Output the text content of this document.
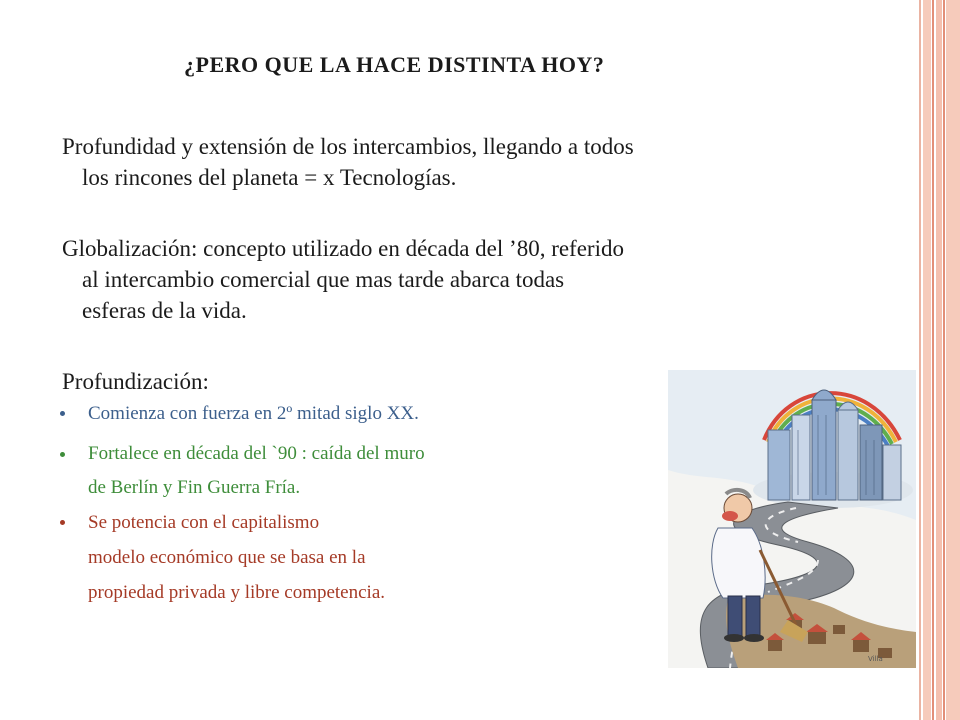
¿PERO QUE LA HACE DISTINTA HOY?
Profundidad y extensión de los intercambios, llegando a todos
los rincones del planeta = x Tecnologías.
Globalización: concepto utilizado en década del ’80, referido
al intercambio comercial que mas tarde abarca todas
esferas de la vida.
Profundización:
Comienza con fuerza en 2º mitad siglo XX.
Fortalece en década del `90 : caída del muro
de Berlín y Fin Guerra Fría.
Se potencia con el capitalismo
modelo económico que se basa en la
propiedad privada y libre competencia.
Villa
